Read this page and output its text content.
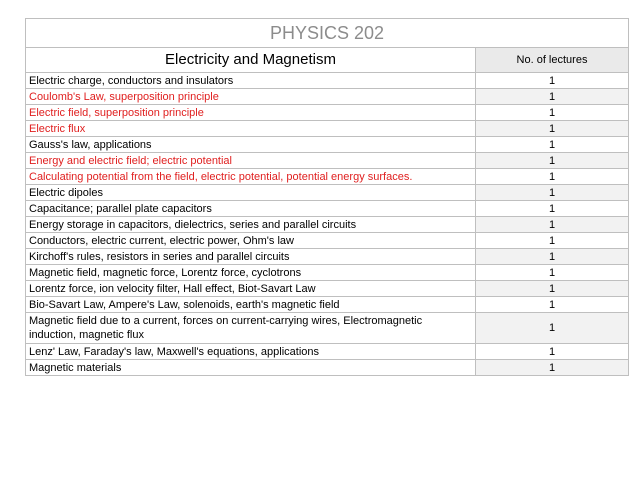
PHYSICS 202	
Electricity and Magnetism	No. of lectures
Electric charge, conductors and insulators	1
Coulomb's Law, superposition principle	1
Electric field, superposition principle	1
Electric flux	1
Gauss's law, applications	1
Energy and electric field; electric potential	1
Calculating potential from the field, electric potential, potential energy surfaces.	1
Electric dipoles	1
Capacitance; parallel plate capacitors	1
Energy storage in capacitors, dielectrics, series and parallel circuits	1
Conductors, electric current, electric power, Ohm's law	1
Kirchoff's rules, resistors in series and parallel circuits	1
Magnetic field, magnetic force, Lorentz force, cyclotrons	1
Lorentz force, ion velocity filter, Hall effect, Biot-Savart Law	1
Bio-Savart Law, Ampere's Law, solenoids, earth's magnetic field	1
Magnetic field due to a current, forces on current-carrying wires, Electromagnetic induction, magnetic flux	1
Lenz' Law, Faraday's law, Maxwell's equations, applications	1
Magnetic materials	1
